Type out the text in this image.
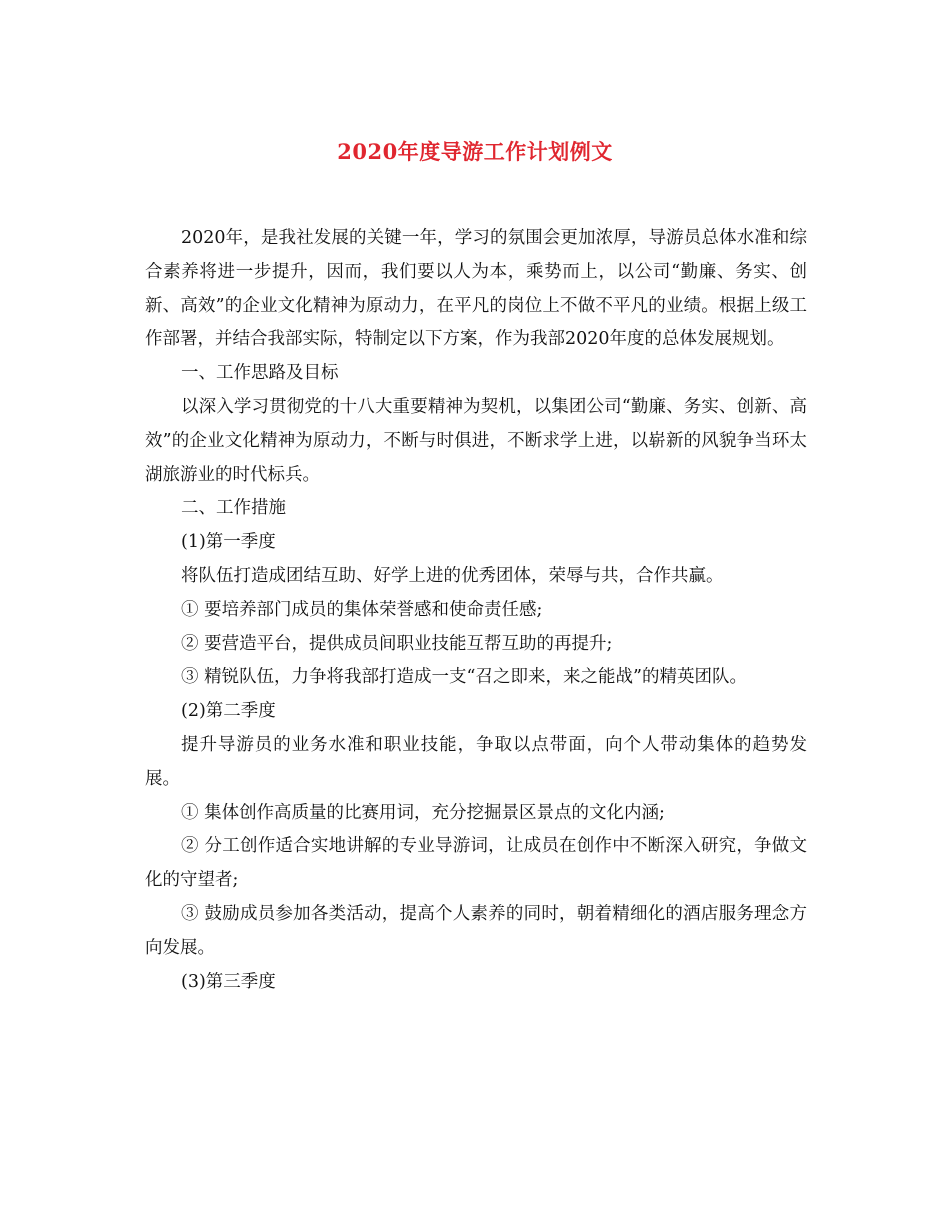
2020年度导游工作计划例文

2020年，是我社发展的关键一年，学习的氛围会更加浓厚，导游员总体水准和综合素养将进一步提升，因而，我们要以人为本，乘势而上，以公司“勤廉、务实、创新、高效”的企业文化精神为原动力，在平凡的岗位上不做不平凡的业绩。根据上级工作部署，并结合我部实际，特制定以下方案，作为我部2020年度的总体发展规划。

一、工作思路及目标

以深入学习贯彻党的十八大重要精神为契机，以集团公司“勤廉、务实、创新、高效”的企业文化精神为原动力，不断与时俱进，不断求学上进，以崭新的风貌争当环太湖旅游业的时代标兵。

二、工作措施

(1)第一季度

将队伍打造成团结互助、好学上进的优秀团体，荣辱与共，合作共赢。

① 要培养部门成员的集体荣誉感和使命责任感;

② 要营造平台，提供成员间职业技能互帮互助的再提升;

③ 精锐队伍，力争将我部打造成一支“召之即来，来之能战”的精英团队。

(2)第二季度

提升导游员的业务水准和职业技能，争取以点带面，向个人带动集体的趋势发展。

① 集体创作高质量的比赛用词，充分挖掘景区景点的文化内涵;

② 分工创作适合实地讲解的专业导游词，让成员在创作中不断深入研究，争做文化的守望者;

③ 鼓励成员参加各类活动，提高个人素养的同时，朝着精细化的酒店服务理念方向发展。

(3)第三季度
